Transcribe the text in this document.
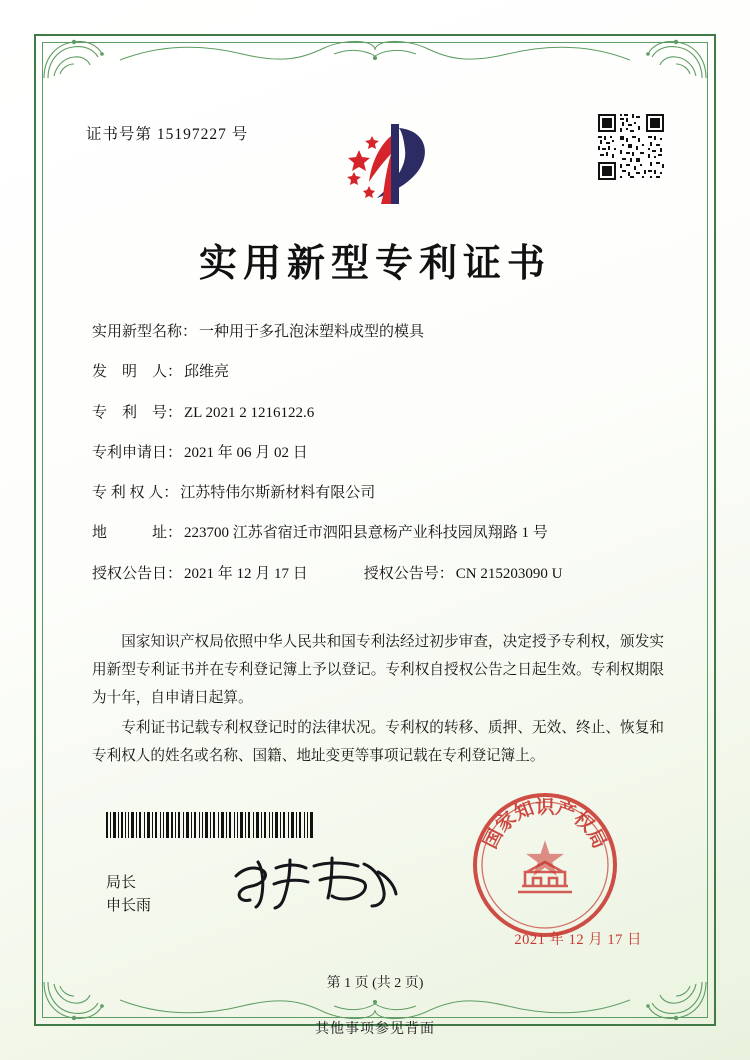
证书号第 15197227 号
实用新型专利证书
实用新型名称： 一种用于多孔泡沫塑料成型的模具
发　明　人： 邱维亮
专　利　号： ZL 2021 2 1216122.6
专利申请日： 2021 年 06 月 02 日
专 利 权 人： 江苏特伟尔斯新材料有限公司
地　　　址： 223700 江苏省宿迁市泗阳县意杨产业科技园凤翔路 1 号
授权公告日： 2021 年 12 月 17 日	授权公告号： CN 215203090 U

国家知识产权局依照中华人民共和国专利法经过初步审查，决定授予专利权，颁发实用新型专利证书并在专利登记簿上予以登记。专利权自授权公告之日起生效。专利权期限为十年，自申请日起算。

专利证书记载专利权登记时的法律状况。专利权的转移、质押、无效、终止、恢复和专利权人的姓名或名称、国籍、地址变更等事项记载在专利登记簿上。

局长
申长雨
国家知识产权局
2021 年 12 月 17 日
第 1 页 (共 2 页)
其他事项参见背面
